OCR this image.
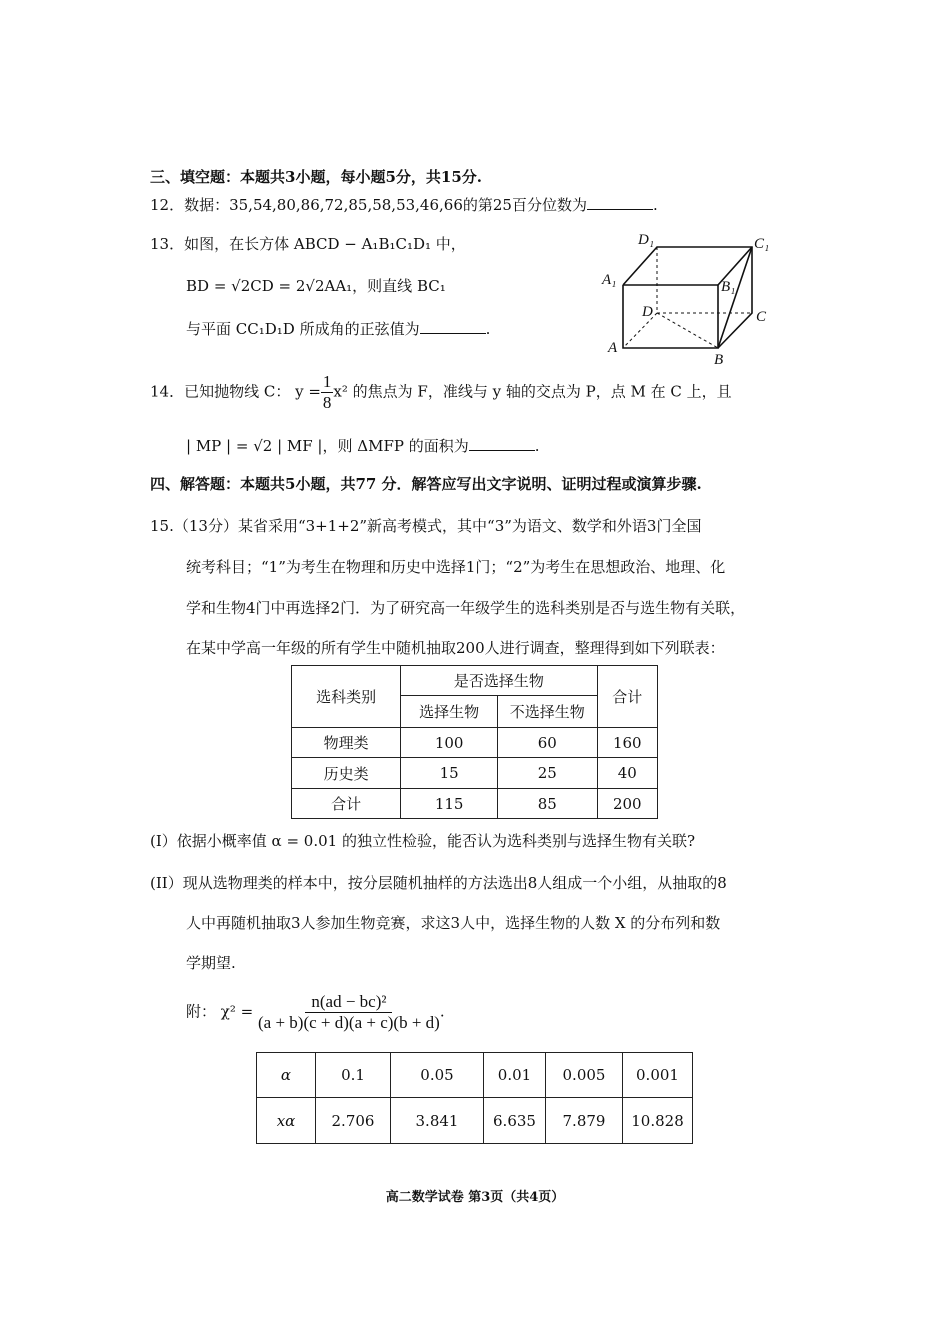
三、填空题：本题共3小题，每小题5分，共15分.
12．数据：35,54,80,86,72,85,58,53,46,66的第25百分位数为	.
13．如图，在长方体 ABCD − A₁B₁C₁D₁ 中，
BD = √2CD = 2√2AA₁，则直线 BC₁
与平面 CC₁D₁D 所成角的正弦值为	.
D₁	C₁
A₁	B₁
D	C
A
B
14．已知抛物线 C： $y = \frac{1}{8} x^2$ 的焦点为 F，准线与 y 轴的交点为 P，点 M 在 C 上，且
| MP | = √2 | MF |，则 ΔMFP 的面积为	.
四、解答题：本题共5小题，共77 分．解答应写出文字说明、证明过程或演算步骤.
15.（13分）某省采用“3+1+2”新高考模式，其中“3”为语文、数学和外语3门全国
统考科目；“1”为考生在物理和历史中选择1门；“2”为考生在思想政治、地理、化
学和生物4门中再选择2门．为了研究高一年级学生的选科类别是否与选生物有关联，
在某中学高一年级的所有学生中随机抽取200人进行调查，整理得到如下列联表：
选科类别	是否选择生物		合计
	选择生物	不选择生物	
物理类	100	60	160
历史类	15	25	40
合计	115	85	200
(I）依据小概率值 α = 0.01 的独立性检验，能否认为选科类别与选择生物有关联?
(II）现从选物理类的样本中，按分层随机抽样的方法选出8人组成一个小组，从抽取的8
人中再随机抽取3人参加生物竞赛，求这3人中，选择生物的人数 X 的分布列和数
学期望.
附： $\chi^2 = \frac{\text{n(ad − bc)²}}{(a + b)(c + d)(a + c)(b + d)}$ .
α	0.1	0.05	0.01	0.005	0.001
xα	2.706	3.841	6.635	7.879	10.828
高二数学试卷 第3页（共4页）
